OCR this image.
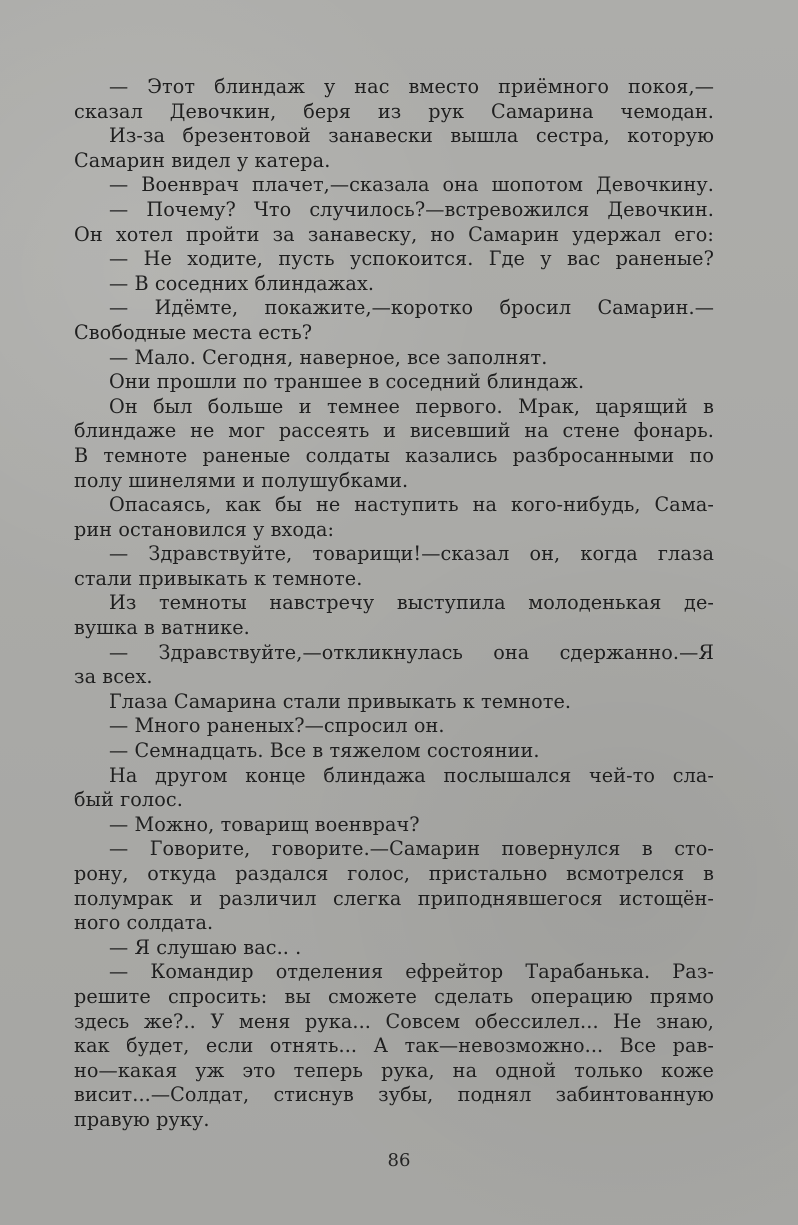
— Этот блиндаж у нас вместо приёмного покоя,—
сказал Девочкин, беря из рук Самарина чемодан.
Из-за брезентовой занавески вышла сестра, которую
Самарин видел у катера.
— Военврач плачет,—сказала она шопотом Девочкину.
— Почему? Что случилось?—встревожился Девочкин.
Он хотел пройти за занавеску, но Самарин удержал его:
— Не ходите, пусть успокоится. Где у вас раненые?
— В соседних блиндажах.
— Идёмте, покажите,—коротко бросил Самарин.—
Свободные места есть?
— Мало. Сегодня, наверное, все заполнят.
Они прошли по траншее в соседний блиндаж.
Он был больше и темнее первого. Мрак, царящий в
блиндаже не мог рассеять и висевший на стене фонарь.
В темноте раненые солдаты казались разбросанными по
полу шинелями и полушубками.
Опасаясь, как бы не наступить на кого-нибудь, Сама-
рин остановился у входа:
— Здравствуйте, товарищи!—сказал он, когда глаза
стали привыкать к темноте.
Из темноты навстречу выступила молоденькая де-
вушка в ватнике.
— Здравствуйте,—откликнулась она сдержанно.—Я
за всех.
Глаза Самарина стали привыкать к темноте.
— Много раненых?—спросил он.
— Семнадцать. Все в тяжелом состоянии.
На другом конце блиндажа послышался чей-то сла-
бый голос.
— Можно, товарищ военврач?
— Говорите, говорите.—Самарин повернулся в сто-
рону, откуда раздался голос, пристально всмотрелся в
полумрак и различил слегка приподнявшегося истощён-
ного солдата.
— Я слушаю вас.. .
— Командир отделения ефрейтор Тарабанька. Раз-
решите спросить: вы сможете сделать операцию прямо
здесь же?.. У меня рука... Совсем обессилел... Не знаю,
как будет, если отнять... А так—невозможно... Все рав-
но—какая уж это теперь рука, на одной только коже
висит...—Солдат, стиснув зубы, поднял забинтованную
правую руку.
86
